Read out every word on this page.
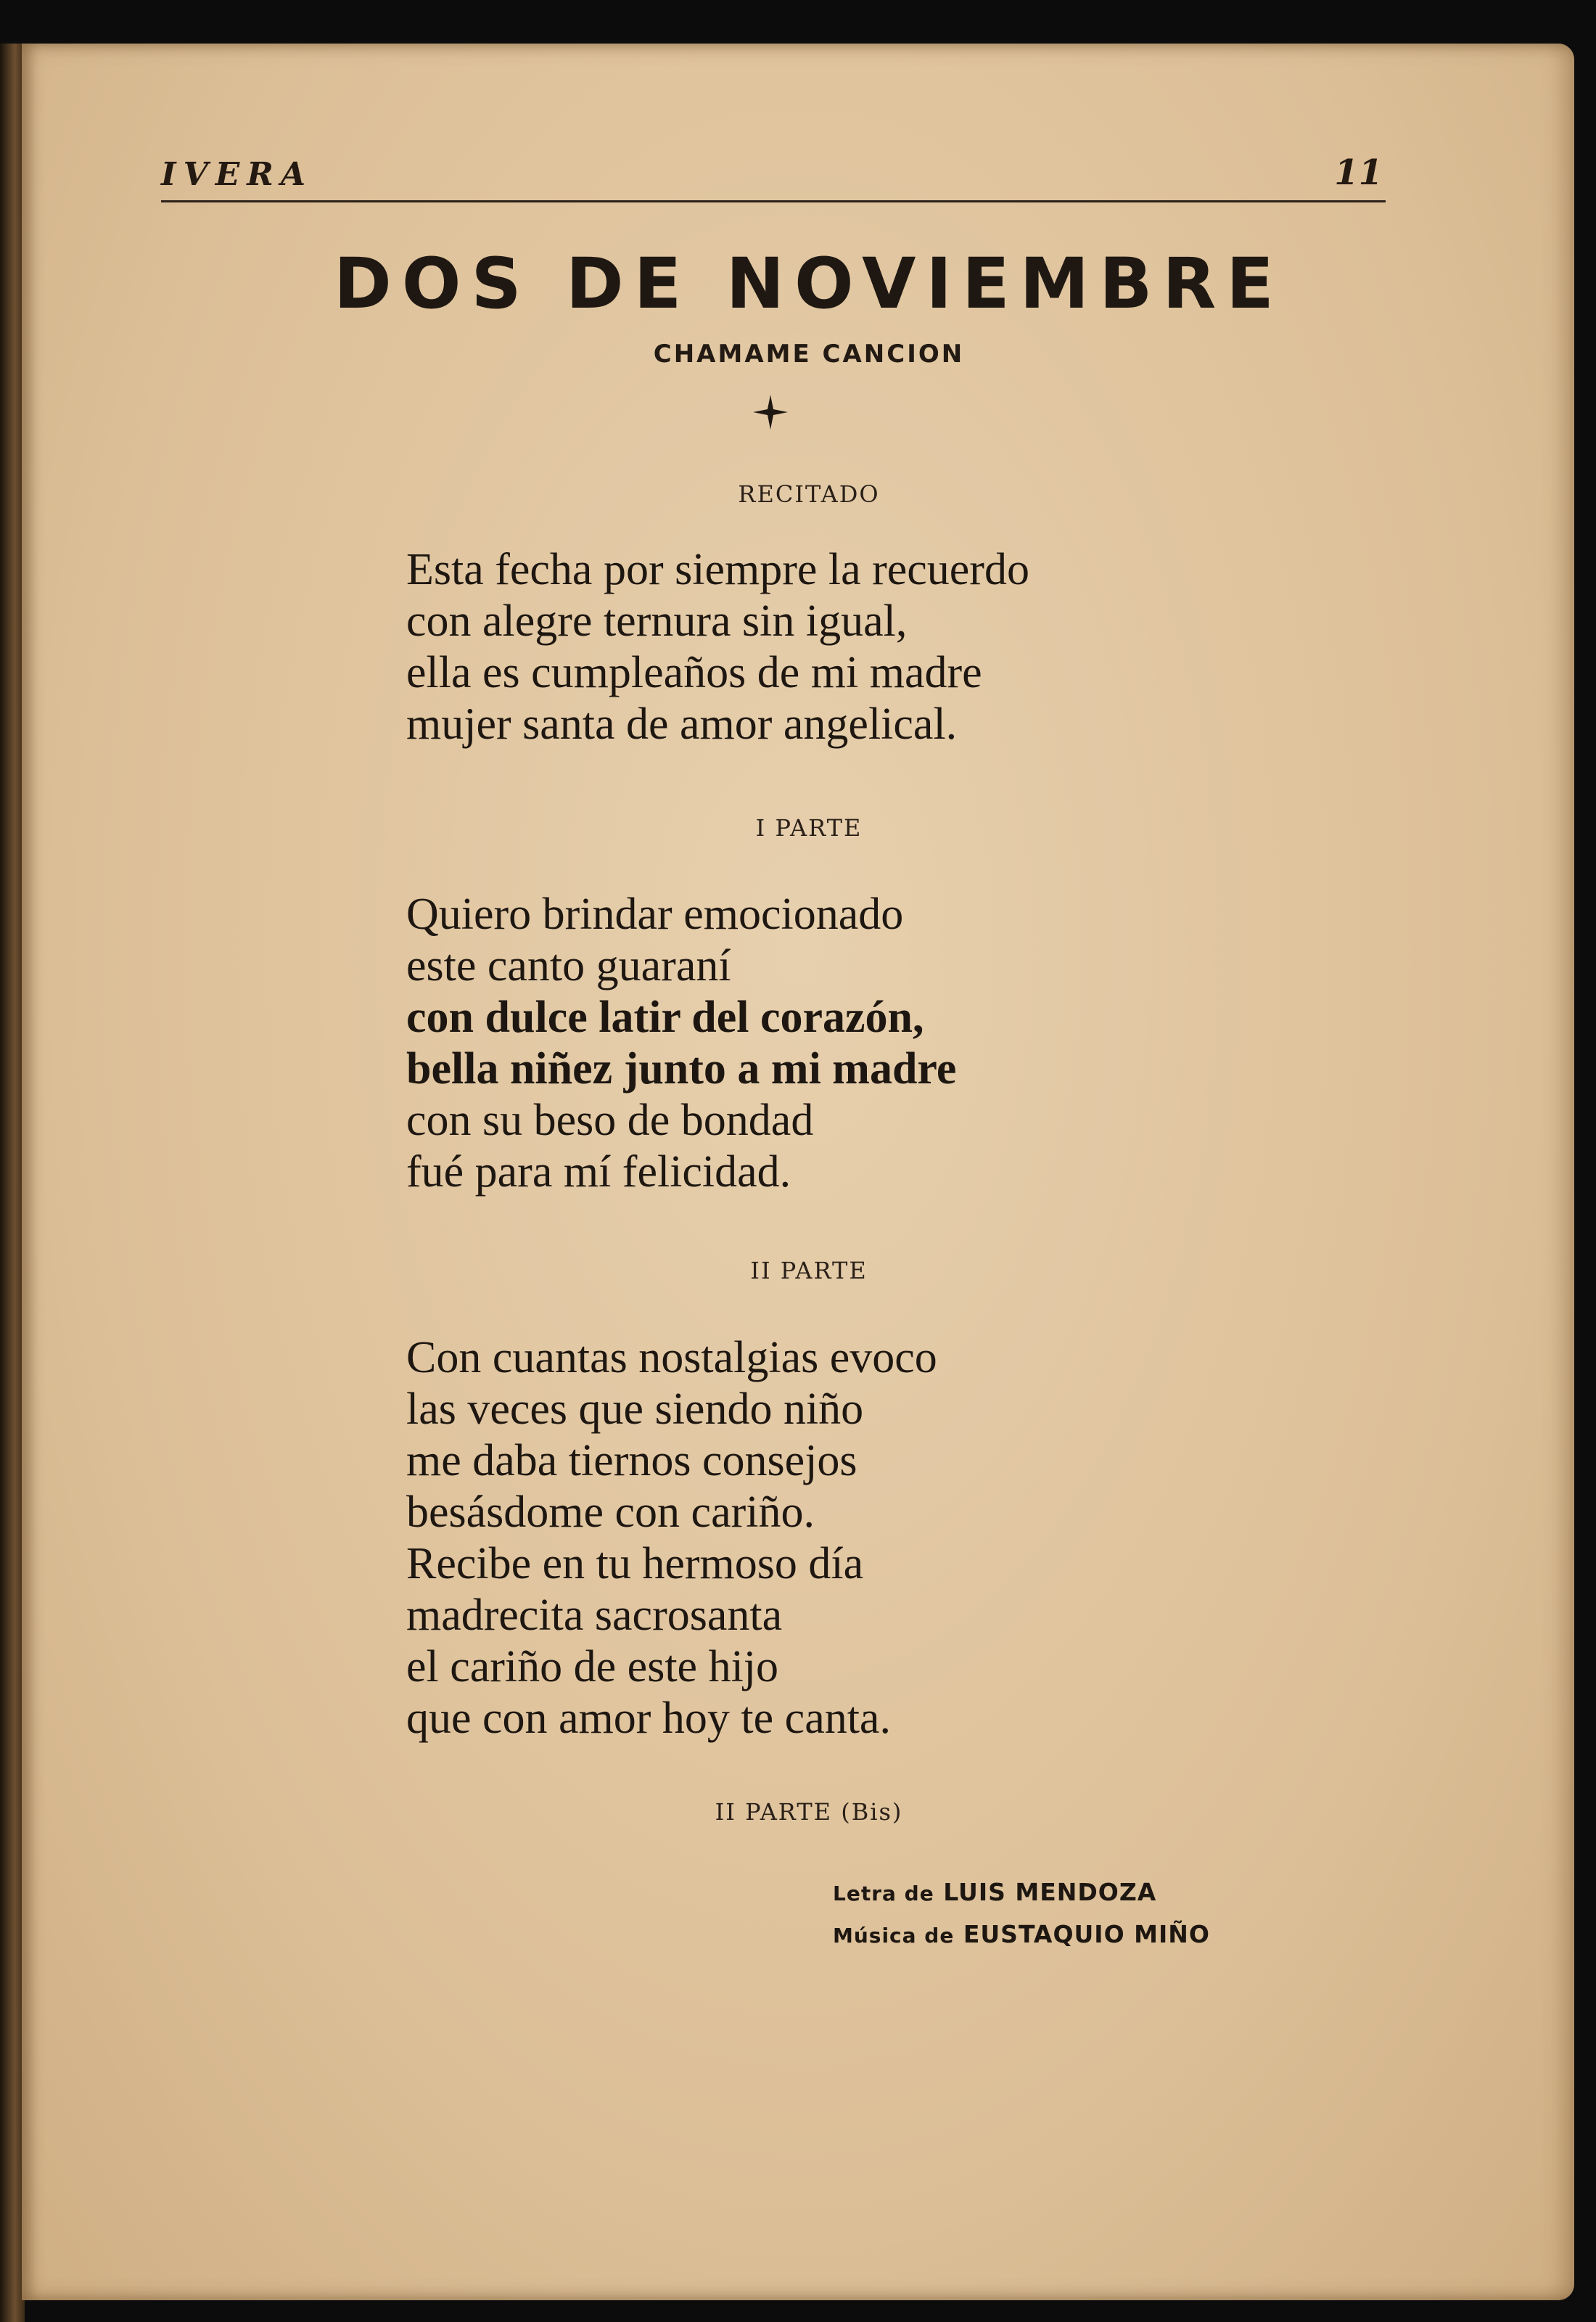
IVERA	11
DOS DE NOVIEMBRE
CHAMAME CANCION
RECITADO
Esta fecha por siempre la recuerdo
con alegre ternura sin igual,
ella es cumpleaños de mi madre
mujer santa de amor angelical.
I PARTE
Quiero brindar emocionado
este canto guaraní
con dulce latir del corazón,
bella niñez junto a mi madre
con su beso de bondad
fué para mí felicidad.
II PARTE
Con cuantas nostalgias evoco
las veces que siendo niño
me daba tiernos consejos
besásdome con cariño.
Recibe en tu hermoso día
madrecita sacrosanta
el cariño de este hijo
que con amor hoy te canta.
II PARTE (Bis)
Letra de LUIS MENDOZA
Música de EUSTAQUIO MIÑO
